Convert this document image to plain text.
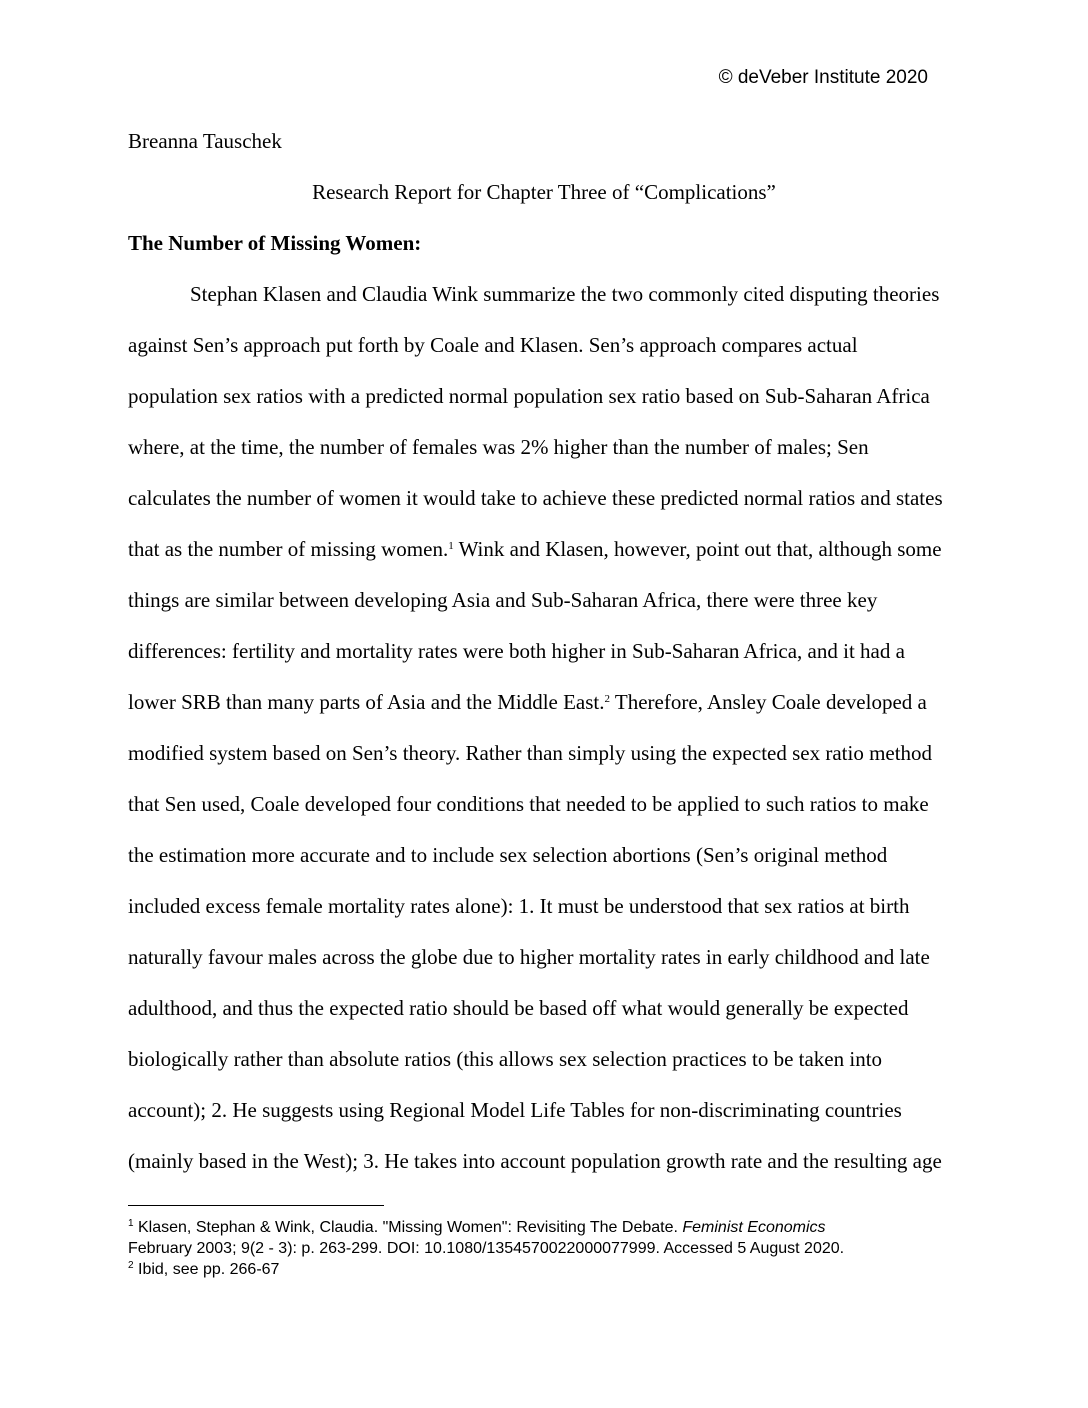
© deVeber Institute 2020
Breanna Tauschek
Research Report for Chapter Three of “Complications”
The Number of Missing Women:
Stephan Klasen and Claudia Wink summarize the two commonly cited disputing theories
against Sen’s approach put forth by Coale and Klasen. Sen’s approach compares actual
population sex ratios with a predicted normal population sex ratio based on Sub-Saharan Africa
where, at the time, the number of females was 2% higher than the number of males; Sen
calculates the number of women it would take to achieve these predicted normal ratios and states
that as the number of missing women.$^1$ Wink and Klasen, however, point out that, although some
things are similar between developing Asia and Sub-Saharan Africa, there were three key
differences: fertility and mortality rates were both higher in Sub-Saharan Africa, and it had a
lower SRB than many parts of Asia and the Middle East.$^2$ Therefore, Ansley Coale developed a
modified system based on Sen’s theory. Rather than simply using the expected sex ratio method
that Sen used, Coale developed four conditions that needed to be applied to such ratios to make
the estimation more accurate and to include sex selection abortions (Sen’s original method
included excess female mortality rates alone): 1. It must be understood that sex ratios at birth
naturally favour males across the globe due to higher mortality rates in early childhood and late
adulthood, and thus the expected ratio should be based off what would generally be expected
biologically rather than absolute ratios (this allows sex selection practices to be taken into
account); 2. He suggests using Regional Model Life Tables for non-discriminating countries
(mainly based in the West); 3. He takes into account population growth rate and the resulting age
$^1$ Klasen, Stephan & Wink, Claudia. "Missing Women": Revisiting The Debate. Feminist Economics
February 2003; 9(2 - 3): p. 263-299. DOI: 10.1080/1354570022000077999. Accessed 5 August 2020.
$^2$ Ibid, see pp. 266-67
